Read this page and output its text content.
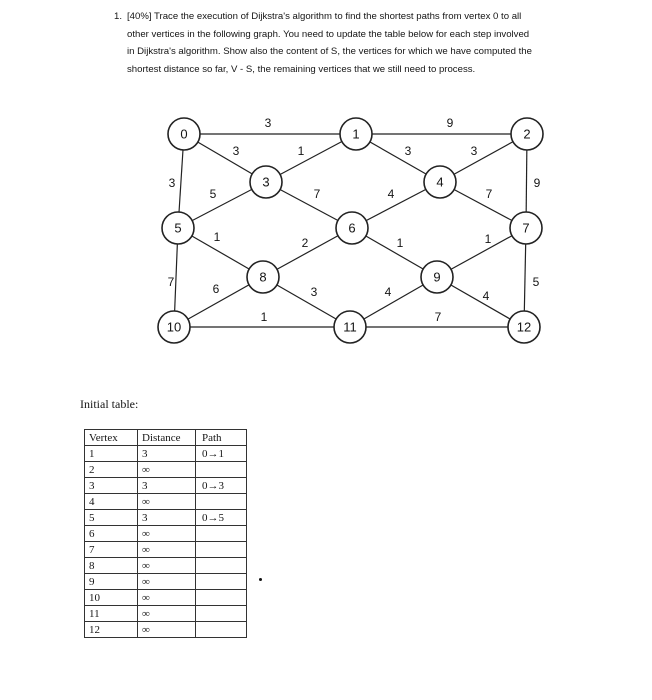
1. [40%] Trace the execution of Dijkstra's algorithm to find the shortest paths from vertex 0 to all
other vertices in the following graph. You need to update the table below for each step involved
in Dijkstra's algorithm. Show also the content of S, the vertices for which we have computed the
shortest distance so far, V - S, the remaining vertices that we still need to process.
3	9
3	1	3	3
3	9
5	7	4	7
1	2	1	1
7	5
6	3	4	4
1	7
0	1	2
3	4
5	6	7
8	9
10	11	12
Initial table:
Vertex	Distance	Path
1	3	0→1
2	∞	
3	3	0→3
4	∞	
5	3	0→5
6	∞	
7	∞	
8	∞	
9	∞	
10	∞	
11	∞	
12	∞	
